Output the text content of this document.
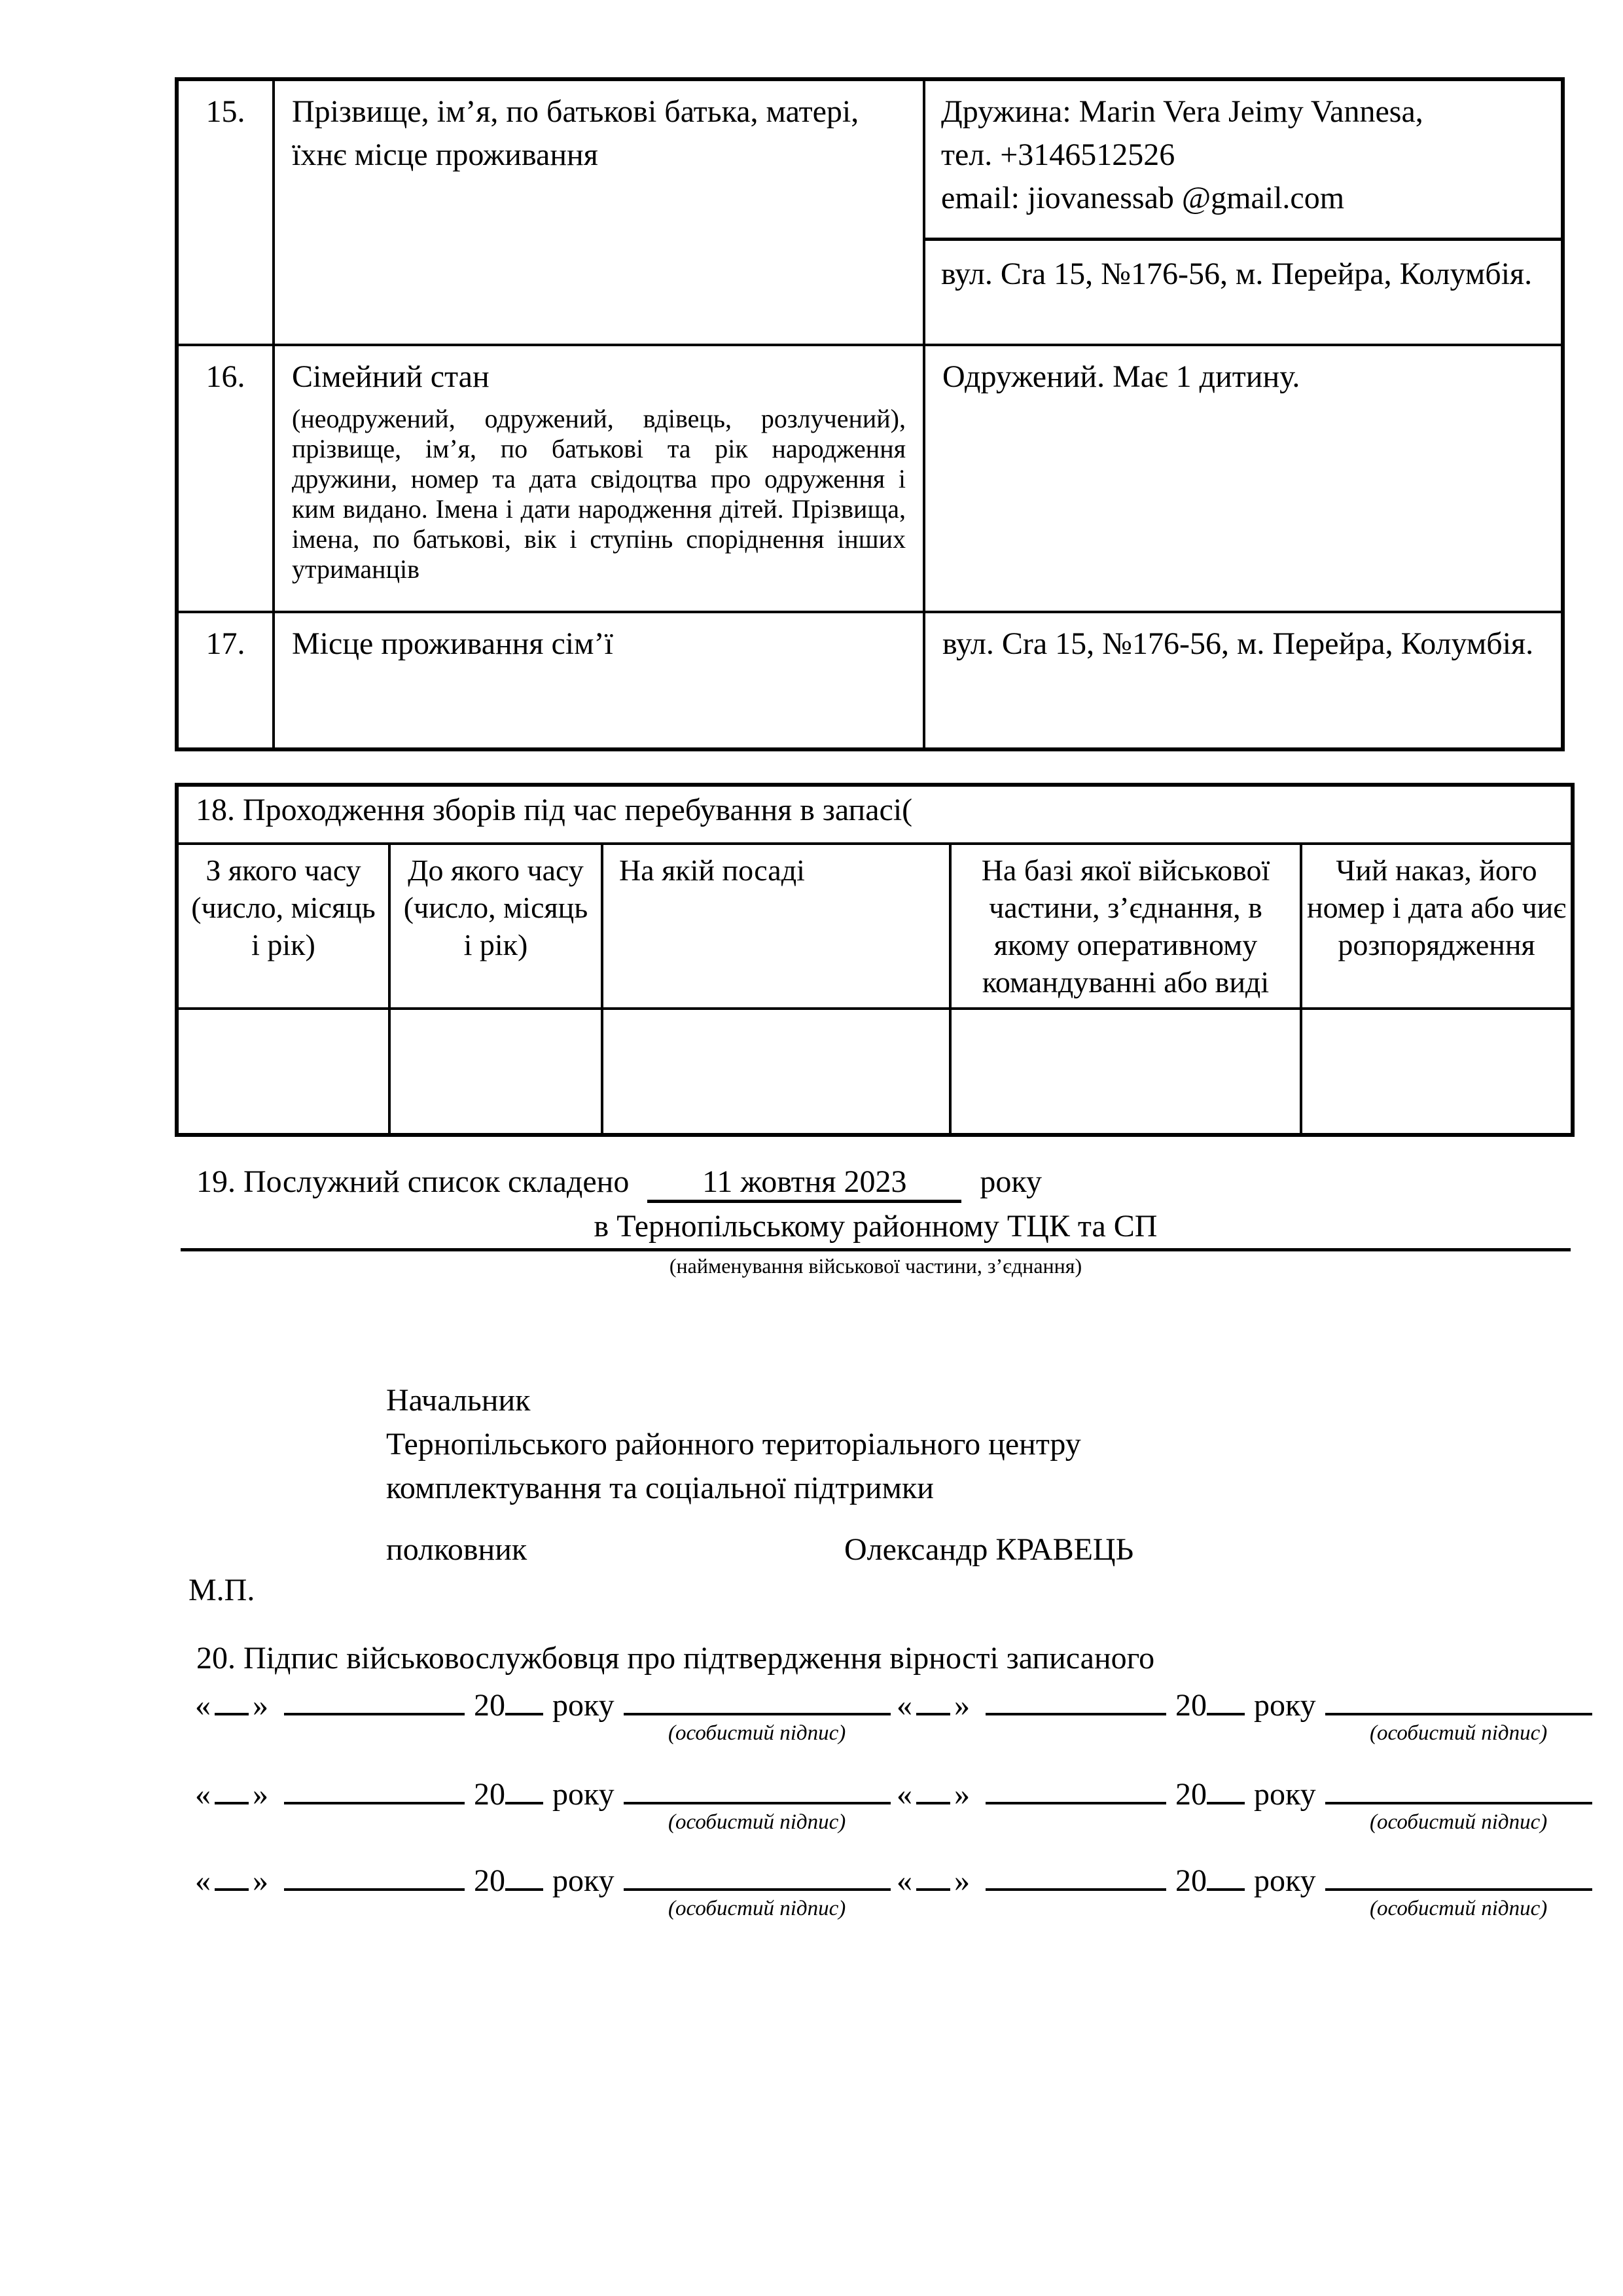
15.	Прізвище, ім’я, по батькові батька, матері, їхнє місце проживання	Дружина: Marin Vera Jeimy Vannesa,
тел. +3146512526
email: jiovanessab @gmail.com
вул. Cra 15, №176-56, м. Перейра, Колумбія.

16.	Сімейний стан
(неодружений, одружений, вдівець, розлучений), прізвище, ім’я, по батькові та рік народження дружини, номер та дата свідоцтва про одруження і ким видано. Імена і дати народження дітей. Прізвища, імена, по батькові, вік і ступінь споріднення інших утриманців	Одружений. Має 1 дитину.
17.	Місце проживання сім’ї	вул. Cra 15, №176-56, м. Перейра, Колумбія.
18. Проходження зборів під час перебування в запасі(				
З якого часу (число, місяць і рік)	До якого часу (число, місяць і рік)	На якій посаді	На базі якої військової частини, з’єднання, в якому оперативному командуванні або виді	Чий наказ, його номер і дата або чиє розпорядження

19. Послужний список складено 11 жовтня 2023 року
в Тернопільському районному ТЦК та СП
(найменування військової частини, з’єднання)
Начальник
Тернопільського районного територіального центру
комплектування та соціальної підтримки
полковник	Олександр КРАВЕЦЬ
М.П.
20. Підпис військовослужбовця про підтвердження вірності записаного
« »	20 року
(особистий підпис)
« »	20 року
(особистий підпис)
« »	20 року
(особистий підпис)
« »	20 року
(особистий підпис)
« »	20 року
(особистий підпис)
« »	20 року
(особистий підпис)
